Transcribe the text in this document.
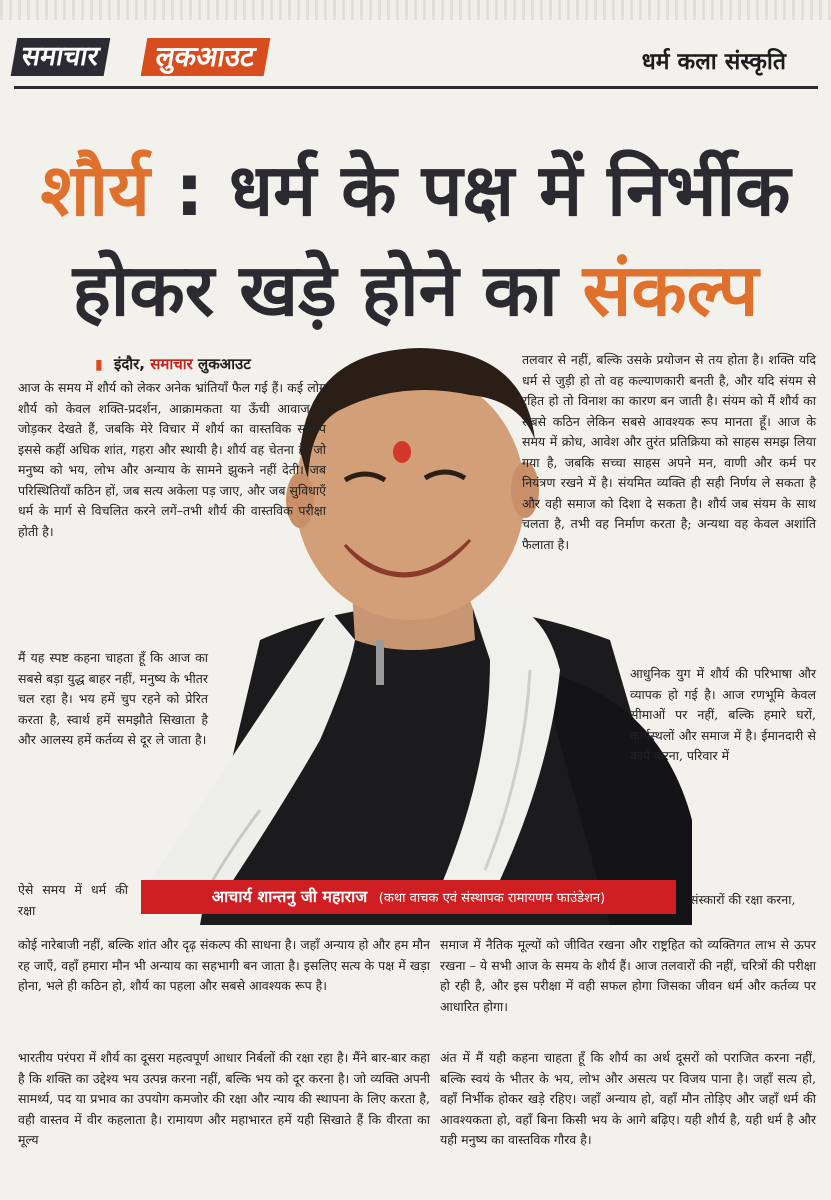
समाचार	लुकआउट	धर्म कला संस्कृति
शौर्य : धर्म के पक्ष में निर्भीक
होकर खड़े होने का संकल्प
▮ इंदौर, समाचार लुकआउट
आचार्य शान्तनु जी महाराज (कथा वाचक एवं संस्थापक रामायणम फाउंडेशन)

आज के समय में शौर्य को लेकर अनेक भ्रांतियाँ फैल गई हैं। कई लोग शौर्य को केवल शक्ति-प्रदर्शन, आक्रामकता या ऊँची आवाज से जोड़कर देखते हैं, जबकि मेरे विचार में शौर्य का वास्तविक स्वरूप इससे कहीं अधिक शांत, गहरा और स्थायी है। शौर्य वह चेतना है, जो मनुष्य को भय, लोभ और अन्याय के सामने झुकने नहीं देती। जब परिस्थितियाँ कठिन हों, जब सत्य अकेला पड़ जाए, और जब सुविधाएँ धर्म के मार्ग से विचलित करने लगें–तभी शौर्य की वास्तविक परीक्षा होती है।

मैं यह स्पष्ट कहना चाहता हूँ कि आज का सबसे बड़ा युद्ध बाहर नहीं, मनुष्य के भीतर चल रहा है। भय हमें चुप रहने को प्रेरित करता है, स्वार्थ हमें समझौते सिखाता है और आलस्य हमें कर्तव्य से दूर ले जाता है।

ऐसे समय में धर्म की रक्षा

कोई नारेबाजी नहीं, बल्कि शांत और दृढ़ संकल्प की साधना है। जहाँ अन्याय हो और हम मौन रह जाएँ, वहाँ हमारा मौन भी अन्याय का सहभागी बन जाता है। इसलिए सत्य के पक्ष में खड़ा होना, भले ही कठिन हो, शौर्य का पहला और सबसे आवश्यक रूप है।

भारतीय परंपरा में शौर्य का दूसरा महत्वपूर्ण आधार निर्बलों की रक्षा रहा है। मैंने बार-बार कहा है कि शक्ति का उद्देश्य भय उत्पन्न करना नहीं, बल्कि भय को दूर करना है। जो व्यक्ति अपनी सामर्थ्य, पद या प्रभाव का उपयोग कमजोर की रक्षा और न्याय की स्थापना के लिए करता है, वही वास्तव में वीर कहलाता है। रामायण और महाभारत हमें यही सिखाते हैं कि वीरता का मूल्य

तलवार से नहीं, बल्कि उसके प्रयोजन से तय होता है। शक्ति यदि धर्म से जुड़ी हो तो वह कल्याणकारी बनती है, और यदि संयम से रहित हो तो विनाश का कारण बन जाती है। संयम को मैं शौर्य का सबसे कठिन लेकिन सबसे आवश्यक रूप मानता हूँ। आज के समय में क्रोध, आवेश और तुरंत प्रतिक्रिया को साहस समझ लिया गया है, जबकि सच्चा साहस अपने मन, वाणी और कर्म पर नियंत्रण रखने में है। संयमित व्यक्ति ही सही निर्णय ले सकता है और वही समाज को दिशा दे सकता है। शौर्य जब संयम के साथ चलता है, तभी वह निर्माण करता है; अन्यथा वह केवल अशांति फैलाता है।

आधुनिक युग में शौर्य की परिभाषा और व्यापक हो गई है। आज रणभूमि केवल सीमाओं पर नहीं, बल्कि हमारे घरों, कार्यस्थलों और समाज में है। ईमानदारी से कार्य करना, परिवार में

संस्कारों की रक्षा करना,

समाज में नैतिक मूल्यों को जीवित रखना और राष्ट्रहित को व्यक्तिगत लाभ से ऊपर रखना – ये सभी आज के समय के शौर्य हैं। आज तलवारों की नहीं, चरित्रों की परीक्षा हो रही है, और इस परीक्षा में वही सफल होगा जिसका जीवन धर्म और कर्तव्य पर आधारित होगा।

अंत में मैं यही कहना चाहता हूँ कि शौर्य का अर्थ दूसरों को पराजित करना नहीं, बल्कि स्वयं के भीतर के भय, लोभ और असत्य पर विजय पाना है। जहाँ सत्य हो, वहाँ निर्भीक होकर खड़े रहिए। जहाँ अन्याय हो, वहाँ मौन तोड़िए और जहाँ धर्म की आवश्यकता हो, वहाँ बिना किसी भय के आगे बढ़िए। यही शौर्य है, यही धर्म है और यही मनुष्य का वास्तविक गौरव है।
